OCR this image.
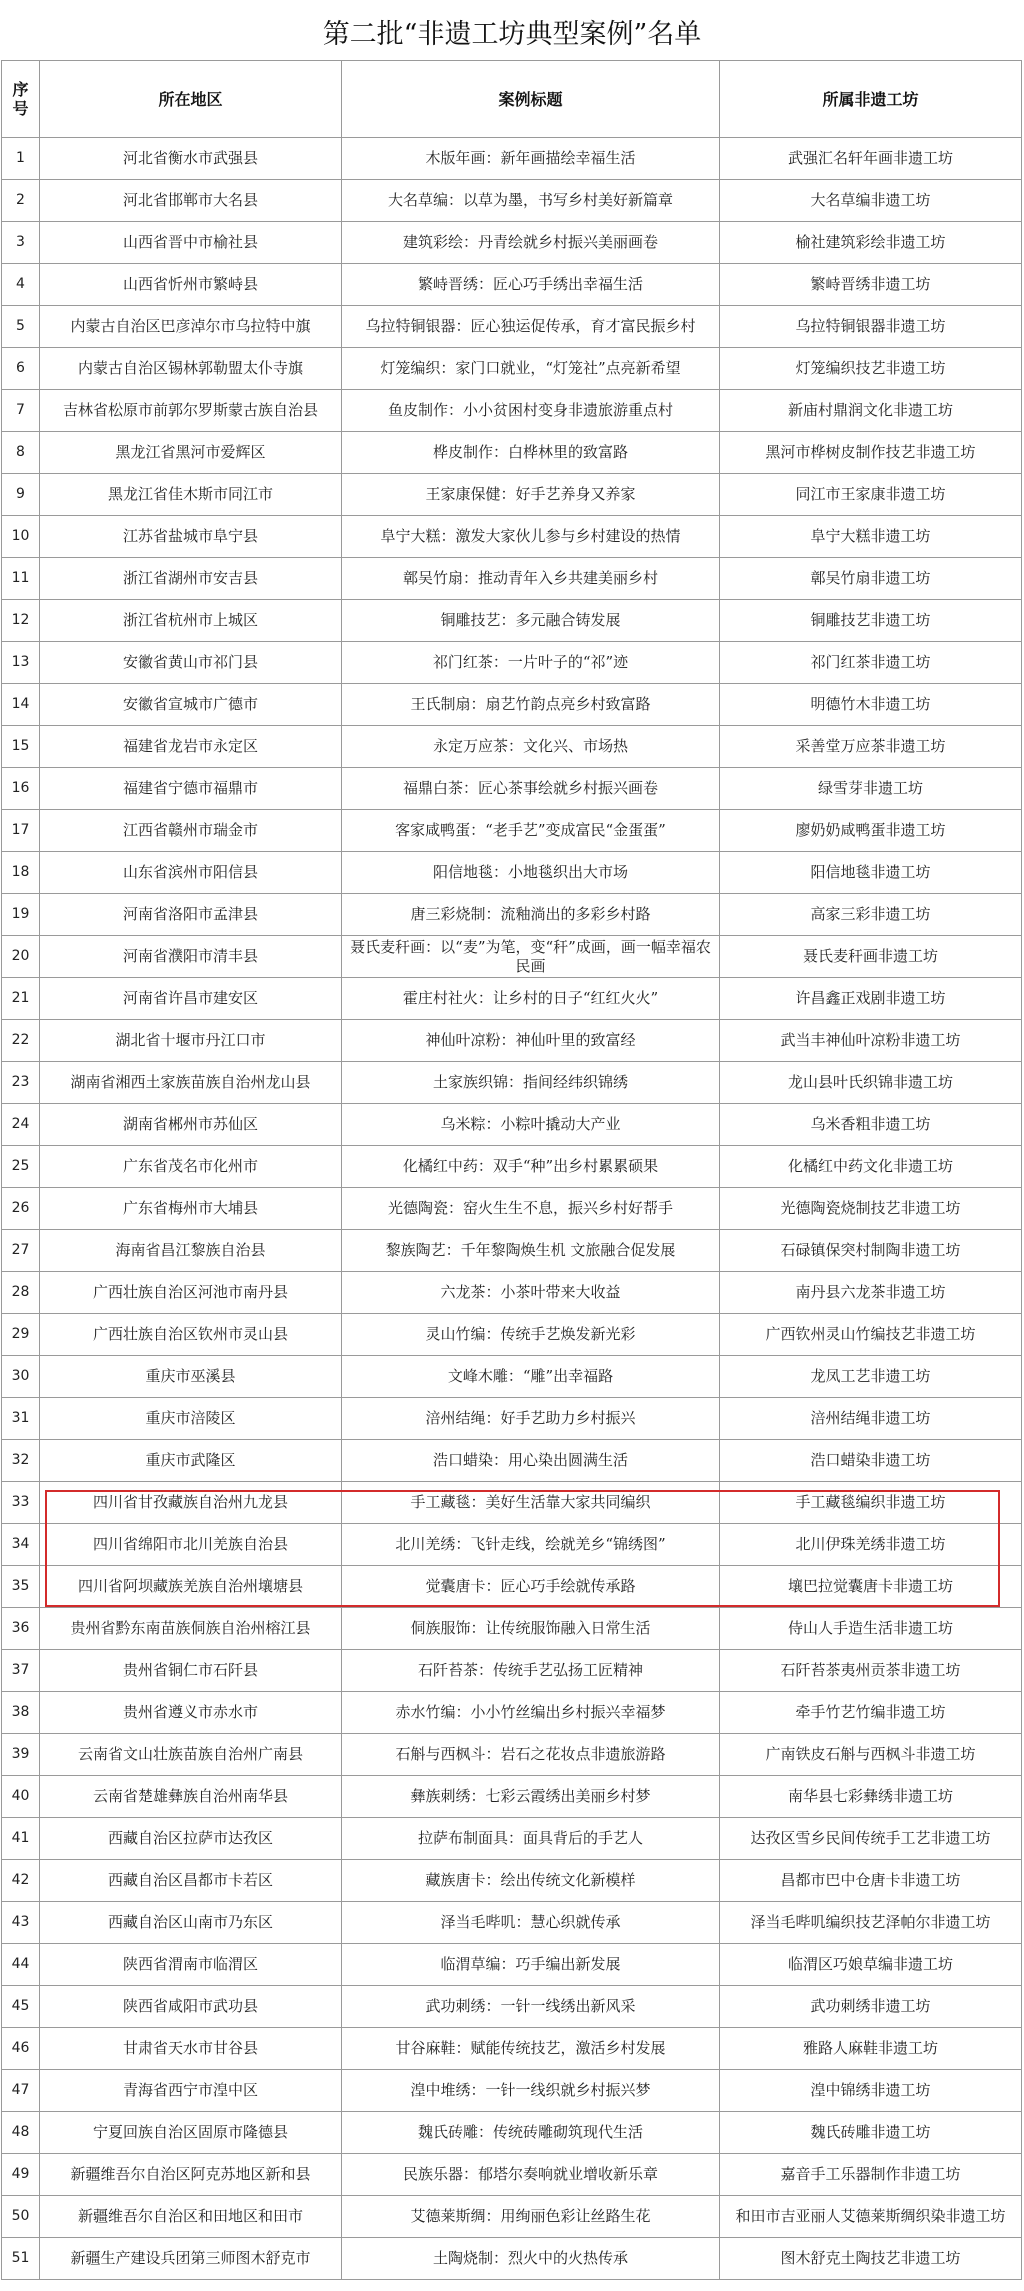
第二批“非遗工坊典型案例”名单
序号	所在地区	案例标题	所属非遗工坊
1	河北省衡水市武强县	木版年画：新年画描绘幸福生活	武强汇名轩年画非遗工坊
2	河北省邯郸市大名县	大名草编：以草为墨，书写乡村美好新篇章	大名草编非遗工坊
3	山西省晋中市榆社县	建筑彩绘：丹青绘就乡村振兴美丽画卷	榆社建筑彩绘非遗工坊
4	山西省忻州市繁峙县	繁峙晋绣：匠心巧手绣出幸福生活	繁峙晋绣非遗工坊
5	内蒙古自治区巴彦淖尔市乌拉特中旗	乌拉特铜银器：匠心独运促传承，育才富民振乡村	乌拉特铜银器非遗工坊
6	内蒙古自治区锡林郭勒盟太仆寺旗	灯笼编织：家门口就业，“灯笼社”点亮新希望	灯笼编织技艺非遗工坊
7	吉林省松原市前郭尔罗斯蒙古族自治县	鱼皮制作：小小贫困村变身非遗旅游重点村	新庙村鼎润文化非遗工坊
8	黑龙江省黑河市爱辉区	桦皮制作：白桦林里的致富路	黑河市桦树皮制作技艺非遗工坊
9	黑龙江省佳木斯市同江市	王家康保健：好手艺养身又养家	同江市王家康非遗工坊
10	江苏省盐城市阜宁县	阜宁大糕：激发大家伙儿参与乡村建设的热情	阜宁大糕非遗工坊
11	浙江省湖州市安吉县	鄣吴竹扇：推动青年入乡共建美丽乡村	鄣吴竹扇非遗工坊
12	浙江省杭州市上城区	铜雕技艺：多元融合铸发展	铜雕技艺非遗工坊
13	安徽省黄山市祁门县	祁门红茶：一片叶子的“祁”迹	祁门红茶非遗工坊
14	安徽省宣城市广德市	王氏制扇：扇艺竹韵点亮乡村致富路	明德竹木非遗工坊
15	福建省龙岩市永定区	永定万应茶：文化兴、市场热	采善堂万应茶非遗工坊
16	福建省宁德市福鼎市	福鼎白茶：匠心茶事绘就乡村振兴画卷	绿雪芽非遗工坊
17	江西省赣州市瑞金市	客家咸鸭蛋：“老手艺”变成富民“金蛋蛋”	廖奶奶咸鸭蛋非遗工坊
18	山东省滨州市阳信县	阳信地毯：小地毯织出大市场	阳信地毯非遗工坊
19	河南省洛阳市孟津县	唐三彩烧制：流釉淌出的多彩乡村路	高家三彩非遗工坊
20	河南省濮阳市清丰县	聂氏麦秆画：以“麦”为笔，变“秆”成画，画一幅幸福农民画	聂氏麦秆画非遗工坊
21	河南省许昌市建安区	霍庄村社火：让乡村的日子“红红火火”	许昌鑫正戏剧非遗工坊
22	湖北省十堰市丹江口市	神仙叶凉粉：神仙叶里的致富经	武当丰神仙叶凉粉非遗工坊
23	湖南省湘西土家族苗族自治州龙山县	土家族织锦：指间经纬织锦绣	龙山县叶氏织锦非遗工坊
24	湖南省郴州市苏仙区	乌米粽：小粽叶撬动大产业	乌米香粗非遗工坊
25	广东省茂名市化州市	化橘红中药：双手“种”出乡村累累硕果	化橘红中药文化非遗工坊
26	广东省梅州市大埔县	光德陶瓷：窑火生生不息，振兴乡村好帮手	光德陶瓷烧制技艺非遗工坊
27	海南省昌江黎族自治县	黎族陶艺：千年黎陶焕生机 文旅融合促发展	石碌镇保突村制陶非遗工坊
28	广西壮族自治区河池市南丹县	六龙茶：小茶叶带来大收益	南丹县六龙茶非遗工坊
29	广西壮族自治区钦州市灵山县	灵山竹编：传统手艺焕发新光彩	广西钦州灵山竹编技艺非遗工坊
30	重庆市巫溪县	文峰木雕：“雕”出幸福路	龙凤工艺非遗工坊
31	重庆市涪陵区	涪州结绳：好手艺助力乡村振兴	涪州结绳非遗工坊
32	重庆市武隆区	浩口蜡染：用心染出圆满生活	浩口蜡染非遗工坊
33	四川省甘孜藏族自治州九龙县	手工藏毯：美好生活靠大家共同编织	手工藏毯编织非遗工坊
34	四川省绵阳市北川羌族自治县	北川羌绣：飞针走线，绘就羌乡“锦绣图”	北川伊珠羌绣非遗工坊
35	四川省阿坝藏族羌族自治州壤塘县	觉囊唐卡：匠心巧手绘就传承路	壤巴拉觉囊唐卡非遗工坊
36	贵州省黔东南苗族侗族自治州榕江县	侗族服饰：让传统服饰融入日常生活	侍山人手造生活非遗工坊
37	贵州省铜仁市石阡县	石阡苔茶：传统手艺弘扬工匠精神	石阡苔茶夷州贡茶非遗工坊
38	贵州省遵义市赤水市	赤水竹编：小小竹丝编出乡村振兴幸福梦	牵手竹艺竹编非遗工坊
39	云南省文山壮族苗族自治州广南县	石斛与西枫斗：岩石之花妆点非遗旅游路	广南铁皮石斛与西枫斗非遗工坊
40	云南省楚雄彝族自治州南华县	彝族刺绣：七彩云霞绣出美丽乡村梦	南华县七彩彝绣非遗工坊
41	西藏自治区拉萨市达孜区	拉萨布制面具：面具背后的手艺人	达孜区雪乡民间传统手工艺非遗工坊
42	西藏自治区昌都市卡若区	藏族唐卡：绘出传统文化新模样	昌都市巴中仓唐卡非遗工坊
43	西藏自治区山南市乃东区	泽当毛哔叽：慧心织就传承	泽当毛哔叽编织技艺泽帕尔非遗工坊
44	陕西省渭南市临渭区	临渭草编：巧手编出新发展	临渭区巧娘草编非遗工坊
45	陕西省咸阳市武功县	武功刺绣：一针一线绣出新风采	武功刺绣非遗工坊
46	甘肃省天水市甘谷县	甘谷麻鞋：赋能传统技艺，激活乡村发展	雅路人麻鞋非遗工坊
47	青海省西宁市湟中区	湟中堆绣：一针一线织就乡村振兴梦	湟中锦绣非遗工坊
48	宁夏回族自治区固原市隆德县	魏氏砖雕：传统砖雕砌筑现代生活	魏氏砖雕非遗工坊
49	新疆维吾尔自治区阿克苏地区新和县	民族乐器：郁塔尔奏响就业增收新乐章	嘉音手工乐器制作非遗工坊
50	新疆维吾尔自治区和田地区和田市	艾德莱斯绸：用绚丽色彩让丝路生花	和田市吉亚丽人艾德莱斯绸织染非遗工坊
51	新疆生产建设兵团第三师图木舒克市	土陶烧制：烈火中的火热传承	图木舒克土陶技艺非遗工坊
